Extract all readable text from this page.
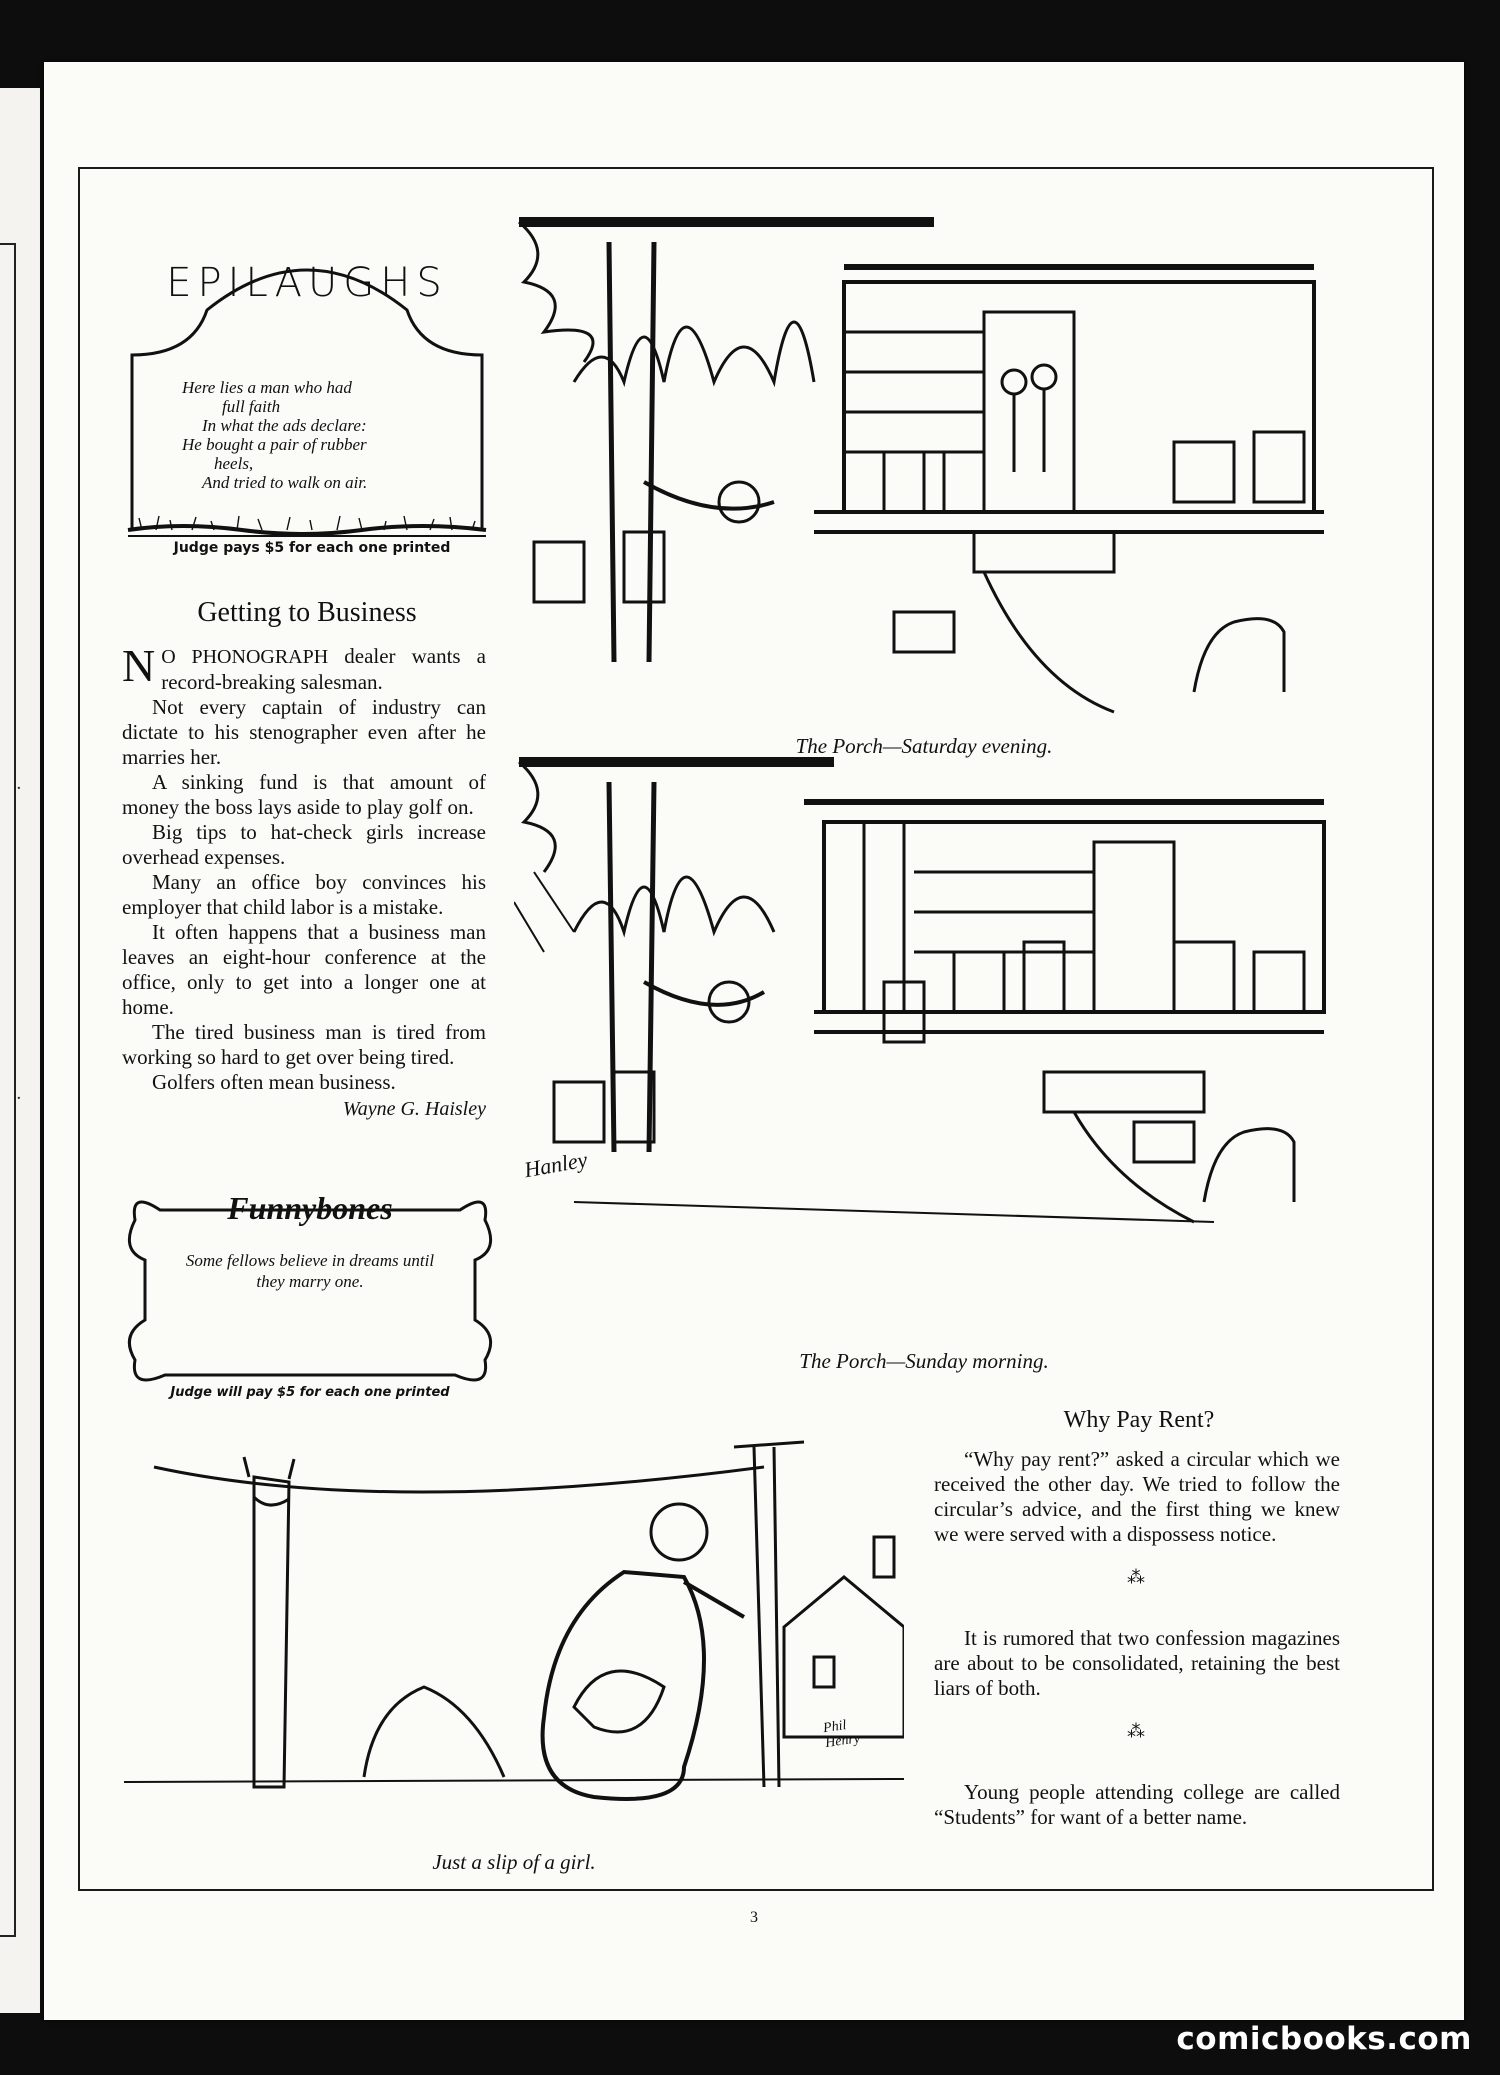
·
·
EPILAUGHS
Here lies a man who had
full faith
In what the ads declare:
He bought a pair of rubber
heels,
And tried to walk on air.
Judge pays $5 for each one printed
Getting to Business

N O PHONOGRAPH dealer wants a record-breaking salesman.

Not every captain of industry can dictate to his stenographer even after he marries her.

A sinking fund is that amount of money the boss lays aside to play golf on.

Big tips to hat-check girls increase overhead expenses.

Many an office boy convinces his employer that child labor is a mistake.

It often happens that a business man leaves an eight-hour conference at the office, only to get into a longer one at home.

The tired business man is tired from working so hard to get over being tired.

Golfers often mean business.

Wayne G. Haisley
Funnybones
Some fellows believe in dreams until they marry one.
Judge will pay $5 for each one printed
The Porch—Saturday evening.
Hanley
The Porch—Sunday morning.
Phil Henry
Just a slip of a girl.
Why Pay Rent?

“Why pay rent?” asked a circular which we received the other day. We tried to follow the circular’s advice, and the first thing we knew we were served with a dispossess notice.

⁂

It is rumored that two confession magazines are about to be consolidated, retaining the best liars of both.

⁂

Young people attending college are called “Students” for want of a better name.

3
comicbooks.com
